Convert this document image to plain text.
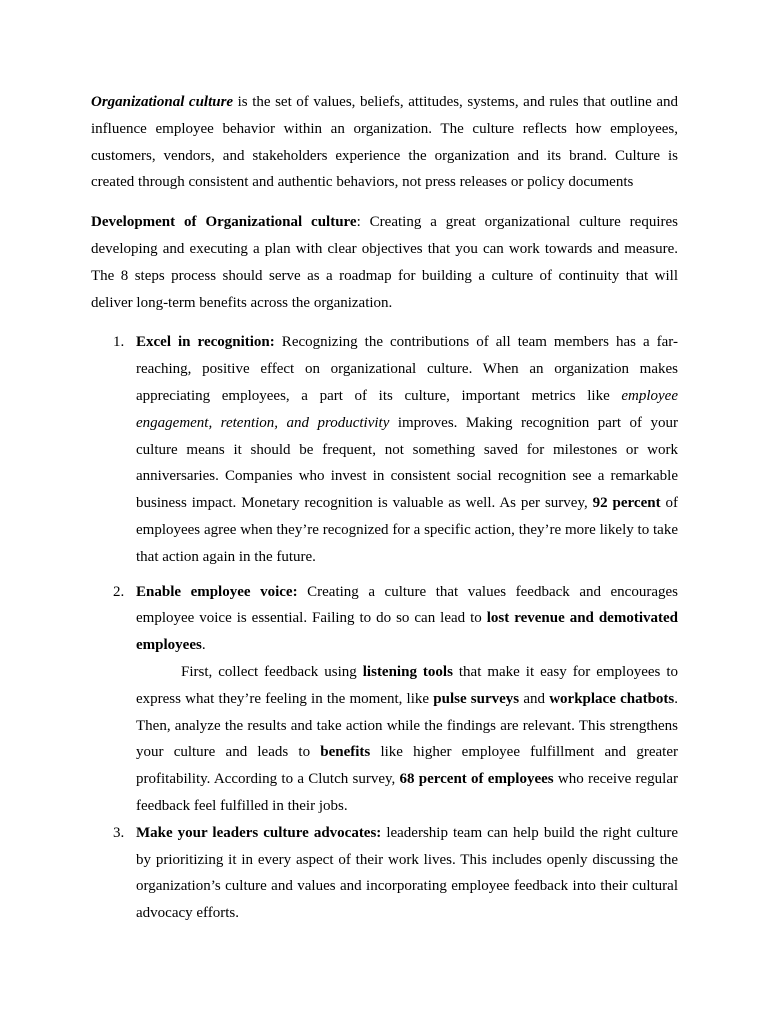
Organizational culture is the set of values, beliefs, attitudes, systems, and rules that outline and influence employee behavior within an organization. The culture reflects how employees, customers, vendors, and stakeholders experience the organization and its brand. Culture is created through consistent and authentic behaviors, not press releases or policy documents

Development of Organizational culture: Creating a great organizational culture requires developing and executing a plan with clear objectives that you can work towards and measure. The 8 steps process should serve as a roadmap for building a culture of continuity that will deliver long-term benefits across the organization.

1. Excel in recognition: Recognizing the contributions of all team members has a far-reaching, positive effect on organizational culture. When an organization makes appreciating employees, a part of its culture, important metrics like employee engagement, retention, and productivity improves. Making recognition part of your culture means it should be frequent, not something saved for milestones or work anniversaries. Companies who invest in consistent social recognition see a remarkable business impact. Monetary recognition is valuable as well. As per survey, 92 percent of employees agree when they’re recognized for a specific action, they’re more likely to take that action again in the future.
2. Enable employee voice: Creating a culture that values feedback and encourages employee voice is essential. Failing to do so can lead to lost revenue and demotivated employees.

First, collect feedback using listening tools that make it easy for employees to express what they’re feeling in the moment, like pulse surveys and workplace chatbots. Then, analyze the results and take action while the findings are relevant. This strengthens your culture and leads to benefits like higher employee fulfillment and greater profitability. According to a Clutch survey, 68 percent of employees who receive regular feedback feel fulfilled in their jobs.

3. Make your leaders culture advocates: leadership team can help build the right culture by prioritizing it in every aspect of their work lives. This includes openly discussing the organization’s culture and values and incorporating employee feedback into their cultural advocacy efforts.
